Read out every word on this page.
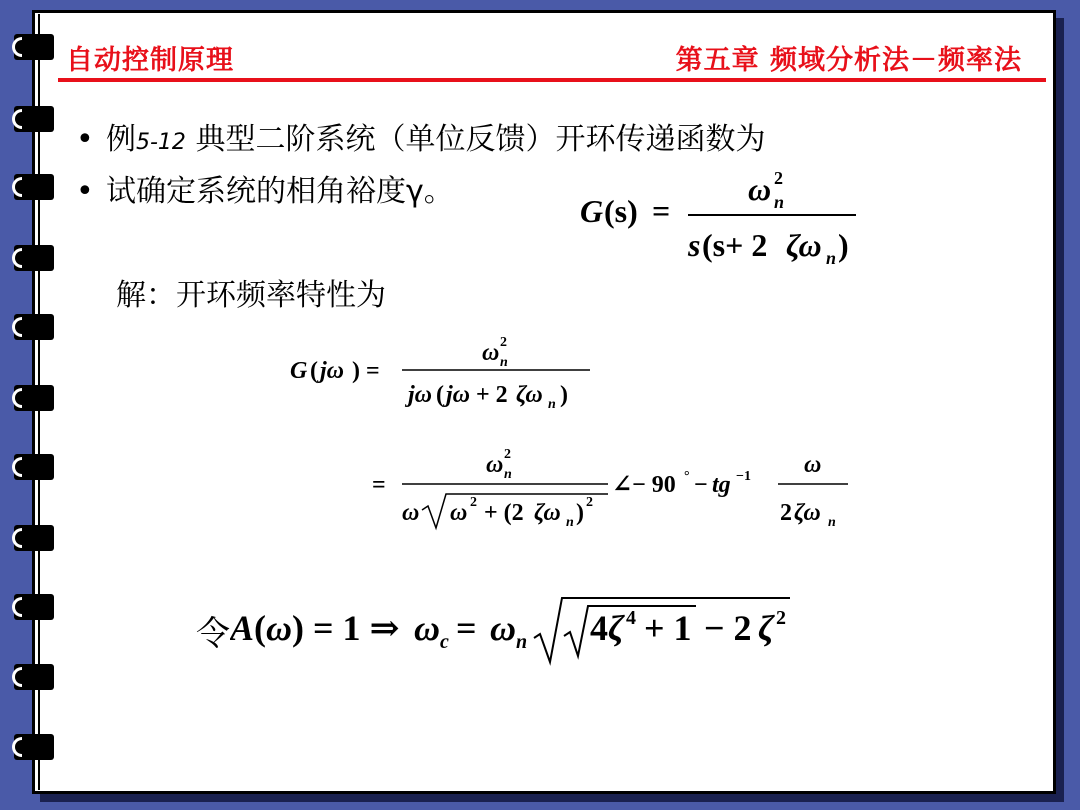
自动控制原理	第五章 频域分析法－频率法
• 例5-12 典型二阶系统（单位反馈）开环传递函数为
• 试确定系统的相角裕度γ。
G (s) =
ω n
2
s (s+ 2 ζω n )
解：开环频率特性为
G ( jω ) =
ω n
2
jω ( jω + 2 ζω n )
=
ω n
2
ω ω 2 + (2 ζω n ) 2
∠− 90 ° − tg −1 ω
2 ζω n
令 A ( ω ) = 1 ⇒ ω c = ω n 4 ζ 4 + 1 − 2 ζ 2
